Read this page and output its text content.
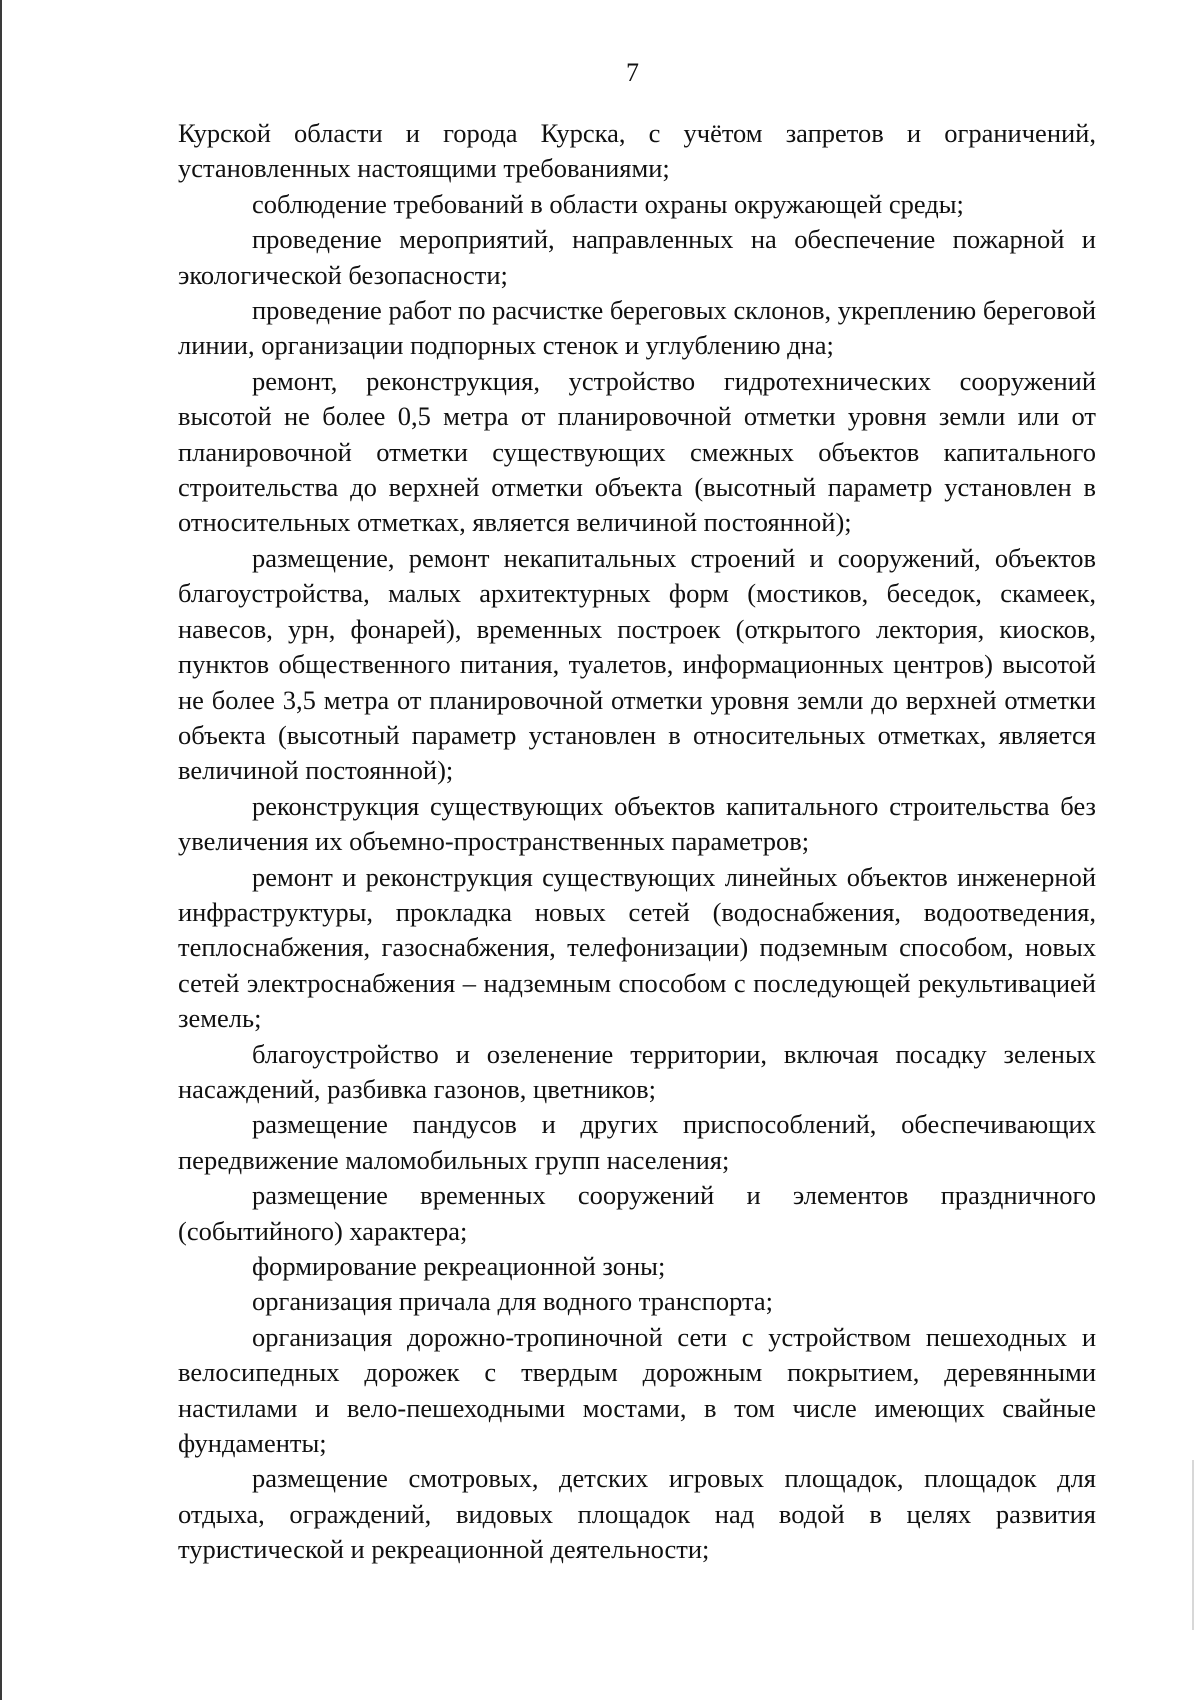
7

Курской области и города Курска, с учётом запретов и ограничений, установленных настоящими требованиями;

соблюдение требований в области охраны окружающей среды;

проведение мероприятий, направленных на обеспечение пожарной и экологической безопасности;

проведение работ по расчистке береговых склонов, укреплению береговой линии, организации подпорных стенок и углублению дна;

ремонт, реконструкция, устройство гидротехнических сооружений высотой не более 0,5 метра от планировочной отметки уровня земли или от планировочной отметки существующих смежных объектов капитального строительства до верхней отметки объекта (высотный параметр установлен в относительных отметках, является величиной постоянной);

размещение, ремонт некапитальных строений и сооружений, объектов благоустройства, малых архитектурных форм (мостиков, беседок, скамеек, навесов, урн, фонарей), временных построек (открытого лектория, киосков, пунктов общественного питания, туалетов, информационных центров) высотой не более 3,5 метра от планировочной отметки уровня земли до верхней отметки объекта (высотный параметр установлен в относительных отметках, является величиной постоянной);

реконструкция существующих объектов капитального строительства без увеличения их объемно-пространственных параметров;

ремонт и реконструкция существующих линейных объектов инженерной инфраструктуры, прокладка новых сетей (водоснабжения, водоотведения, теплоснабжения, газоснабжения, телефонизации) подземным способом, новых сетей электроснабжения – надземным способом с последующей рекультивацией земель;

благоустройство и озеленение территории, включая посадку зеленых насаждений, разбивка газонов, цветников;

размещение пандусов и других приспособлений, обеспечивающих передвижение маломобильных групп населения;

размещение временных сооружений и элементов праздничного (событийного) характера;

формирование рекреационной зоны;

организация причала для водного транспорта;

организация дорожно-тропиночной сети с устройством пешеходных и велосипедных дорожек с твердым дорожным покрытием, деревянными настилами и вело-пешеходными мостами, в том числе имеющих свайные фундаменты;

размещение смотровых, детских игровых площадок, площадок для отдыха, ограждений, видовых площадок над водой в целях развития туристической и рекреационной деятельности;
